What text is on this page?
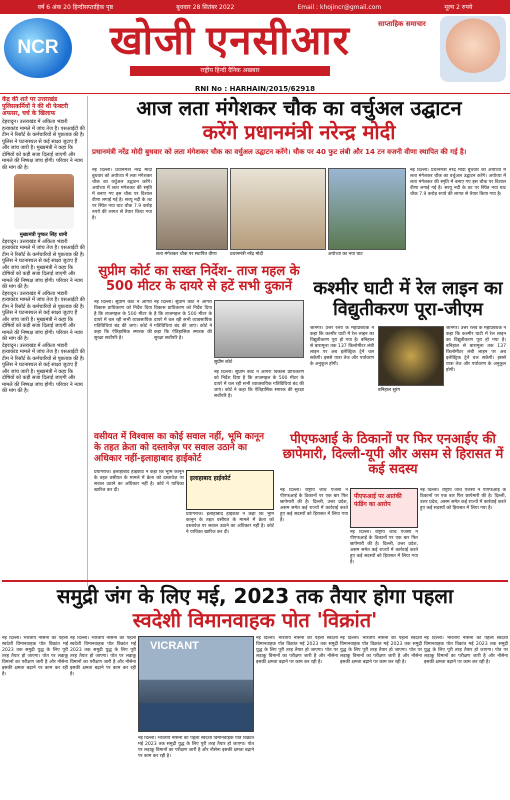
वर्ष 6 अंक 20 हिन्दीसप्ताहिक पृष्ठ	बुधवार 28 सितंबर 2022	Email : khojincr@gmail.com	मूल्य 2 रुपये
NCR	खोजी एनसीआर
राष्ट्रीय हिन्दी दैनिक अखबार
साप्ताहिक समाचार
RNI No : HARHAIN/2015/62918
केंद्र की शर्त पर उत्तराखंड पुलिसकर्मियों ने की थी फेक्टरी अफसर, चर्च के खिलाफ
देहरादून। उत्तराखंड में अंकिता भंडारी हत्याकांड मामले में जांच तेज है। एसआईटी की टीम ने रिसॉर्ट के कर्मचारियों से पूछताछ की है। पुलिस ने घटनास्थल से कई साक्ष्य जुटाए हैं और जांच जारी है। मुख्यमंत्री ने कहा कि दोषियों को कड़ी सजा दिलाई जाएगी और मामले की निष्पक्ष जांच होगी। परिवार ने न्याय की मांग की है।
मुख्यमंत्री पुष्कर सिंह धामी
देहरादून। उत्तराखंड में अंकिता भंडारी हत्याकांड मामले में जांच तेज है। एसआईटी की टीम ने रिसॉर्ट के कर्मचारियों से पूछताछ की है। पुलिस ने घटनास्थल से कई साक्ष्य जुटाए हैं और जांच जारी है। मुख्यमंत्री ने कहा कि दोषियों को कड़ी सजा दिलाई जाएगी और मामले की निष्पक्ष जांच होगी। परिवार ने न्याय की मांग की है।
देहरादून। उत्तराखंड में अंकिता भंडारी हत्याकांड मामले में जांच तेज है। एसआईटी की टीम ने रिसॉर्ट के कर्मचारियों से पूछताछ की है। पुलिस ने घटनास्थल से कई साक्ष्य जुटाए हैं और जांच जारी है। मुख्यमंत्री ने कहा कि दोषियों को कड़ी सजा दिलाई जाएगी और मामले की निष्पक्ष जांच होगी। परिवार ने न्याय की मांग की है।
देहरादून। उत्तराखंड में अंकिता भंडारी हत्याकांड मामले में जांच तेज है। एसआईटी की टीम ने रिसॉर्ट के कर्मचारियों से पूछताछ की है। पुलिस ने घटनास्थल से कई साक्ष्य जुटाए हैं और जांच जारी है। मुख्यमंत्री ने कहा कि दोषियों को कड़ी सजा दिलाई जाएगी और मामले की निष्पक्ष जांच होगी। परिवार ने न्याय की मांग की है।
आज लता मंगेशकर चौक का वर्चुअल उद्घाटन
करेंगे प्रधानमंत्री नरेन्द्र मोदी
प्रधानमंत्री नरेंद्र मोदी बुधवार को लता मंगेशकर चौक का वर्चुअल उद्घाटन करेंगे। चौक पर 40 फुट लंबी और 14 टन वजनी वीणा स्थापित की गई है।
नई दिल्ली। प्रधानमंत्री नरेंद्र मोदी बुधवार को अयोध्या में लता मंगेशकर चौक का वर्चुअल उद्घाटन करेंगे। अयोध्या में लता मंगेशकर की स्मृति में बनाए गए इस चौक पर विशाल वीणा लगाई गई है। सरयू नदी के तट पर स्थित नया घाट चौक 7.9 करोड़ रुपये की लागत से तैयार किया गया है।
लता मंगेशकर चौक पर स्थापित वीणा	प्रधानमंत्री नरेंद्र मोदी	अयोध्या का नया घाट
नई दिल्ली। प्रधानमंत्री नरेंद्र मोदी बुधवार को अयोध्या में लता मंगेशकर चौक का वर्चुअल उद्घाटन करेंगे। अयोध्या में लता मंगेशकर की स्मृति में बनाए गए इस चौक पर विशाल वीणा लगाई गई है। सरयू नदी के तट पर स्थित नया घाट चौक 7.9 करोड़ रुपये की लागत से तैयार किया गया है।
सुप्रीम कोर्ट का सख्त निर्देश- ताज महल के 500 मीटर के दायरे से हटें सभी दुकानें
नई दिल्ली। सुप्रीम कोर्ट ने आगरा विकास प्राधिकरण को निर्देश दिया है कि ताजमहल के 500 मीटर के दायरे में चल रही सभी व्यावसायिक गतिविधियां बंद की जाएं। कोर्ट ने कहा कि ऐतिहासिक स्मारक की सुरक्षा सर्वोपरि है।
नई दिल्ली। सुप्रीम कोर्ट ने आगरा विकास प्राधिकरण को निर्देश दिया है कि ताजमहल के 500 मीटर के दायरे में चल रही सभी व्यावसायिक गतिविधियां बंद की जाएं। कोर्ट ने कहा कि ऐतिहासिक स्मारक की सुरक्षा सर्वोपरि है।
सुप्रीम कोर्ट
नई दिल्ली। सुप्रीम कोर्ट ने आगरा विकास प्राधिकरण को निर्देश दिया है कि ताजमहल के 500 मीटर के दायरे में चल रही सभी व्यावसायिक गतिविधियां बंद की जाएं। कोर्ट ने कहा कि ऐतिहासिक स्मारक की सुरक्षा सर्वोपरि है।
कश्मीर घाटी में रेल लाइन का विद्युतीकरण पूरा-जीएम
श्रीनगर। उत्तर रेलवे के महाप्रबंधक ने कहा कि कश्मीर घाटी में रेल लाइन का विद्युतीकरण पूरा हो गया है। बनिहाल से बारामूला तक 137 किलोमीटर लंबी लाइन पर अब इलेक्ट्रिक ट्रेनें चल सकेंगी। इससे यात्रा तेज और पर्यावरण के अनुकूल होगी।
बनिहाल सुरंग
श्रीनगर। उत्तर रेलवे के महाप्रबंधक ने कहा कि कश्मीर घाटी में रेल लाइन का विद्युतीकरण पूरा हो गया है। बनिहाल से बारामूला तक 137 किलोमीटर लंबी लाइन पर अब इलेक्ट्रिक ट्रेनें चल सकेंगी। इससे यात्रा तेज और पर्यावरण के अनुकूल होगी।
वसीयत में विश्वास का कोई सवाल नहीं, भूमि कानून के तहत क्रेता को दस्तावेज़ पर सवाल उठाने का अधिकार नहीं-इलाहाबाद हाईकोर्ट
प्रयागराज। इलाहाबाद हाईकोर्ट ने कहा कि भूमि कानून के तहत वसीयत के मामले में क्रेता को दस्तावेज़ पर सवाल उठाने का अधिकार नहीं है। कोर्ट ने याचिका खारिज कर दी।
इलाहाबाद हाईकोर्ट
प्रयागराज। इलाहाबाद हाईकोर्ट ने कहा कि भूमि कानून के तहत वसीयत के मामले में क्रेता को दस्तावेज़ पर सवाल उठाने का अधिकार नहीं है। कोर्ट ने याचिका खारिज कर दी।
पीएफआई के ठिकानों पर फिर एनआईए की छापेमारी, दिल्ली-यूपी और असम से हिरासत में कई सदस्य
नई दिल्ली। राष्ट्रीय जांच एजेंसी ने पीएफआई के ठिकानों पर एक बार फिर छापेमारी की है। दिल्ली, उत्तर प्रदेश, असम समेत कई राज्यों में कार्रवाई करते हुए कई सदस्यों को हिरासत में लिया गया है।
पीएफआई पर आतंकी फंडिंग का आरोप
नई दिल्ली। राष्ट्रीय जांच एजेंसी ने पीएफआई के ठिकानों पर एक बार फिर छापेमारी की है। दिल्ली, उत्तर प्रदेश, असम समेत कई राज्यों में कार्रवाई करते हुए कई सदस्यों को हिरासत में लिया गया है।
नई दिल्ली। राष्ट्रीय जांच एजेंसी ने पीएफआई के ठिकानों पर एक बार फिर छापेमारी की है। दिल्ली, उत्तर प्रदेश, असम समेत कई राज्यों में कार्रवाई करते हुए कई सदस्यों को हिरासत में लिया गया है।
समुद्री जंग के लिए मई, 2023 तक तैयार होगा पहला
स्वदेशी विमानवाहक पोत 'विक्रांत'
नई दिल्ली। भारतीय नौसेना का पहला स्वदेशी विमानवाहक पोत विक्रांत मई 2023 तक समुद्री युद्ध के लिए पूरी तरह तैयार हो जाएगा। पोत पर लड़ाकू विमानों का परीक्षण जारी है और नौसेना इसकी क्षमता बढ़ाने पर काम कर रही है।
नई दिल्ली। भारतीय नौसेना का पहला स्वदेशी विमानवाहक पोत विक्रांत मई 2023 तक समुद्री युद्ध के लिए पूरी तरह तैयार हो जाएगा। पोत पर लड़ाकू विमानों का परीक्षण जारी है और नौसेना इसकी क्षमता बढ़ाने पर काम कर रही है।
VICRANT
नई दिल्ली। भारतीय नौसेना का पहला स्वदेशी विमानवाहक पोत विक्रांत मई 2023 तक समुद्री युद्ध के लिए पूरी तरह तैयार हो जाएगा। पोत पर लड़ाकू विमानों का परीक्षण जारी है और नौसेना इसकी क्षमता बढ़ाने पर काम कर रही है।
नई दिल्ली। भारतीय नौसेना का पहला स्वदेशी विमानवाहक पोत विक्रांत मई 2023 तक समुद्री युद्ध के लिए पूरी तरह तैयार हो जाएगा। पोत पर लड़ाकू विमानों का परीक्षण जारी है और नौसेना इसकी क्षमता बढ़ाने पर काम कर रही है।
नई दिल्ली। भारतीय नौसेना का पहला स्वदेशी विमानवाहक पोत विक्रांत मई 2023 तक समुद्री युद्ध के लिए पूरी तरह तैयार हो जाएगा। पोत पर लड़ाकू विमानों का परीक्षण जारी है और नौसेना इसकी क्षमता बढ़ाने पर काम कर रही है।
नई दिल्ली। भारतीय नौसेना का पहला स्वदेशी विमानवाहक पोत विक्रांत मई 2023 तक समुद्री युद्ध के लिए पूरी तरह तैयार हो जाएगा। पोत पर लड़ाकू विमानों का परीक्षण जारी है और नौसेना इसकी क्षमता बढ़ाने पर काम कर रही है।
